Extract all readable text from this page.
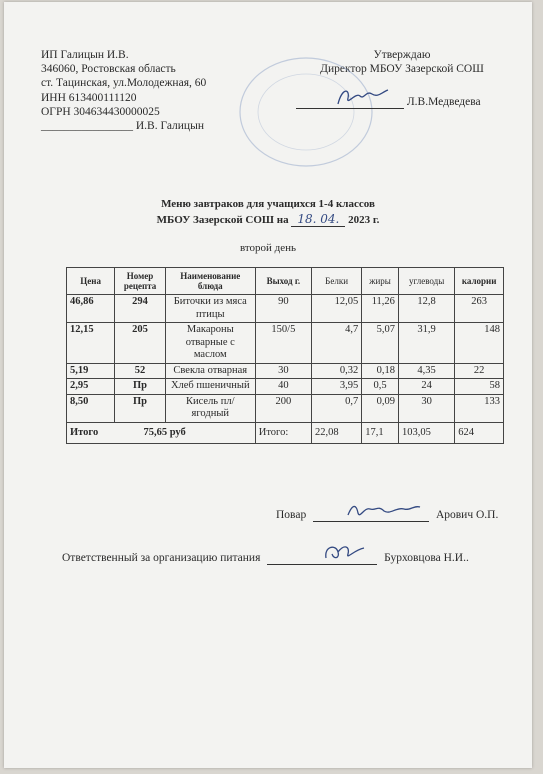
ИП Галицын И.В.
346060, Ростовская область
ст. Тацинская, ул.Молодежная, 60
ИНН 613400111120
ОГРН 304634430000025
________________ И.В. Галицын
Утверждаю
Директор МБОУ Зазерской СОШ
Л.В.Медведева
Меню завтраков для учащихся 1-4 классов
МБОУ Зазерской СОШ на 18. 04. 2023 г.
второй день
Цена	Номер рецепта	Наименование блюда	Выход г.	Белки	жиры	углеводы	калории
46,86	294	Биточки из мяса птицы	90	12,05	11,26	12,8	263
12,15	205	Макароны отварные с маслом	150/5	4,7	5,07	31,9	148
5,19	52	Свекла отварная	30	0,32	0,18	4,35	22
2,95	Пр	Хлеб пшеничный	40	3,95	0,5	24	58
8,50	Пр	Кисель пл/ягодный	200	0,7	0,09	30	133
Итого 75,65 руб			Итого:	22,08	17,1	103,05	624
Повар	Арович О.П.
Ответственный за организацию питания	Бурховцова Н.И..
